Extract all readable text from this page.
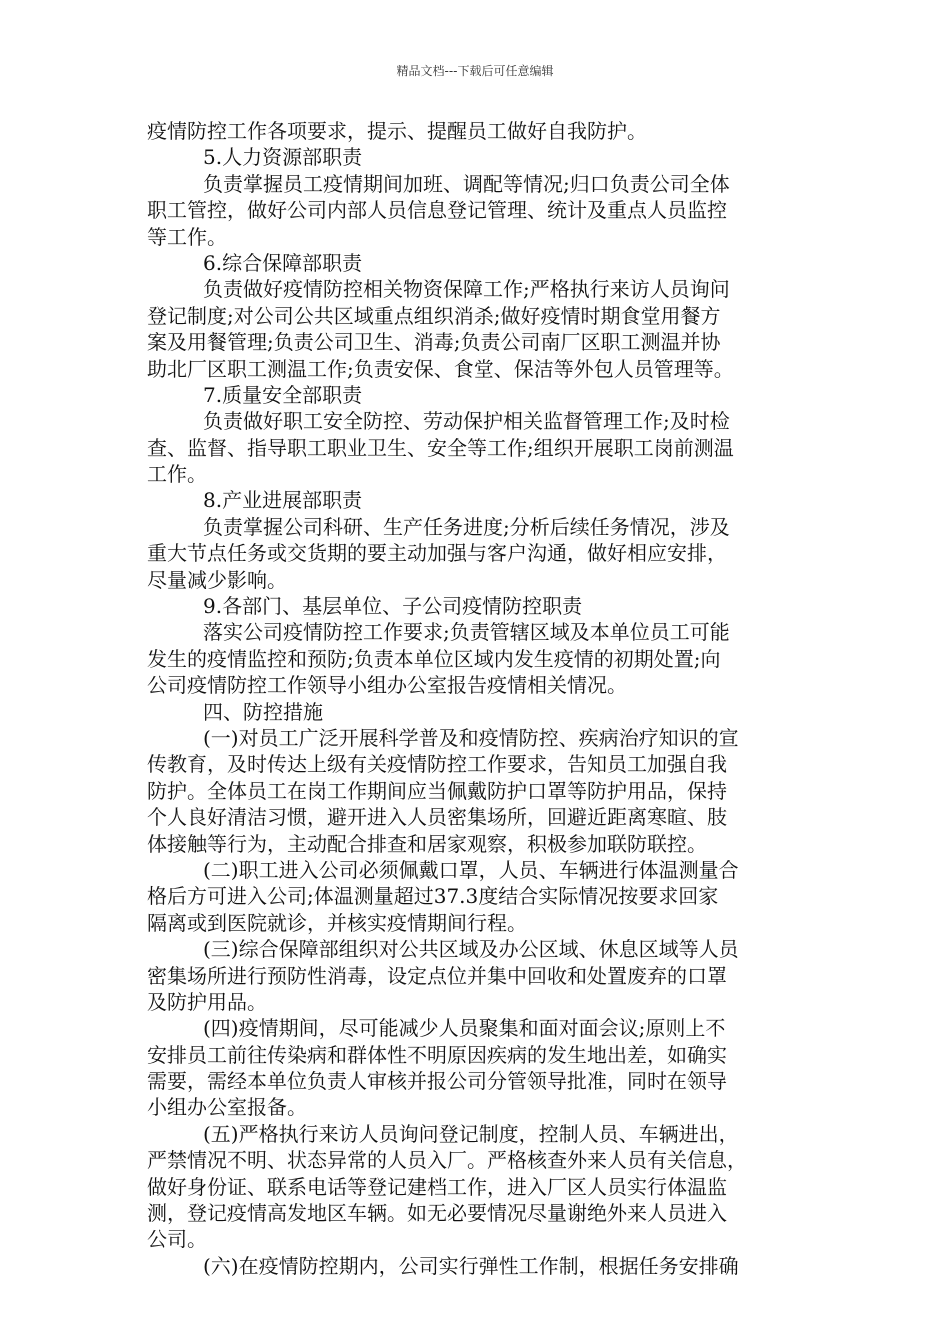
精品文档---下载后可任意编辑
疫情防控工作各项要求，提示、提醒员工做好自我防护。
5.人力资源部职责
负责掌握员工疫情期间加班、调配等情况;归口负责公司全体
职工管控，做好公司内部人员信息登记管理、统计及重点人员监控
等工作。
6.综合保障部职责
负责做好疫情防控相关物资保障工作;严格执行来访人员询问
登记制度;对公司公共区域重点组织消杀;做好疫情时期食堂用餐方
案及用餐管理;负责公司卫生、消毒;负责公司南厂区职工测温并协
助北厂区职工测温工作;负责安保、食堂、保洁等外包人员管理等。
7.质量安全部职责
负责做好职工安全防控、劳动保护相关监督管理工作;及时检
查、监督、指导职工职业卫生、安全等工作;组织开展职工岗前测温
工作。
8.产业进展部职责
负责掌握公司科研、生产任务进度;分析后续任务情况，涉及
重大节点任务或交货期的要主动加强与客户沟通，做好相应安排，
尽量减少影响。
9.各部门、基层单位、子公司疫情防控职责
落实公司疫情防控工作要求;负责管辖区域及本单位员工可能
发生的疫情监控和预防;负责本单位区域内发生疫情的初期处置;向
公司疫情防控工作领导小组办公室报告疫情相关情况。
四、防控措施
(一)对员工广泛开展科学普及和疫情防控、疾病治疗知识的宣
传教育，及时传达上级有关疫情防控工作要求，告知员工加强自我
防护。全体员工在岗工作期间应当佩戴防护口罩等防护用品，保持
个人良好清洁习惯，避开进入人员密集场所，回避近距离寒暄、肢
体接触等行为，主动配合排查和居家观察，积极参加联防联控。
(二)职工进入公司必须佩戴口罩，人员、车辆进行体温测量合
格后方可进入公司;体温测量超过37.3度结合实际情况按要求回家
隔离或到医院就诊，并核实疫情期间行程。
(三)综合保障部组织对公共区域及办公区域、休息区域等人员
密集场所进行预防性消毒，设定点位并集中回收和处置废弃的口罩
及防护用品。
(四)疫情期间，尽可能减少人员聚集和面对面会议;原则上不
安排员工前往传染病和群体性不明原因疾病的发生地出差，如确实
需要，需经本单位负责人审核并报公司分管领导批准，同时在领导
小组办公室报备。
(五)严格执行来访人员询问登记制度，控制人员、车辆进出，
严禁情况不明、状态异常的人员入厂。严格核查外来人员有关信息，
做好身份证、联系电话等登记建档工作，进入厂区人员实行体温监
测，登记疫情高发地区车辆。如无必要情况尽量谢绝外来人员进入
公司。
(六)在疫情防控期内，公司实行弹性工作制，根据任务安排确
